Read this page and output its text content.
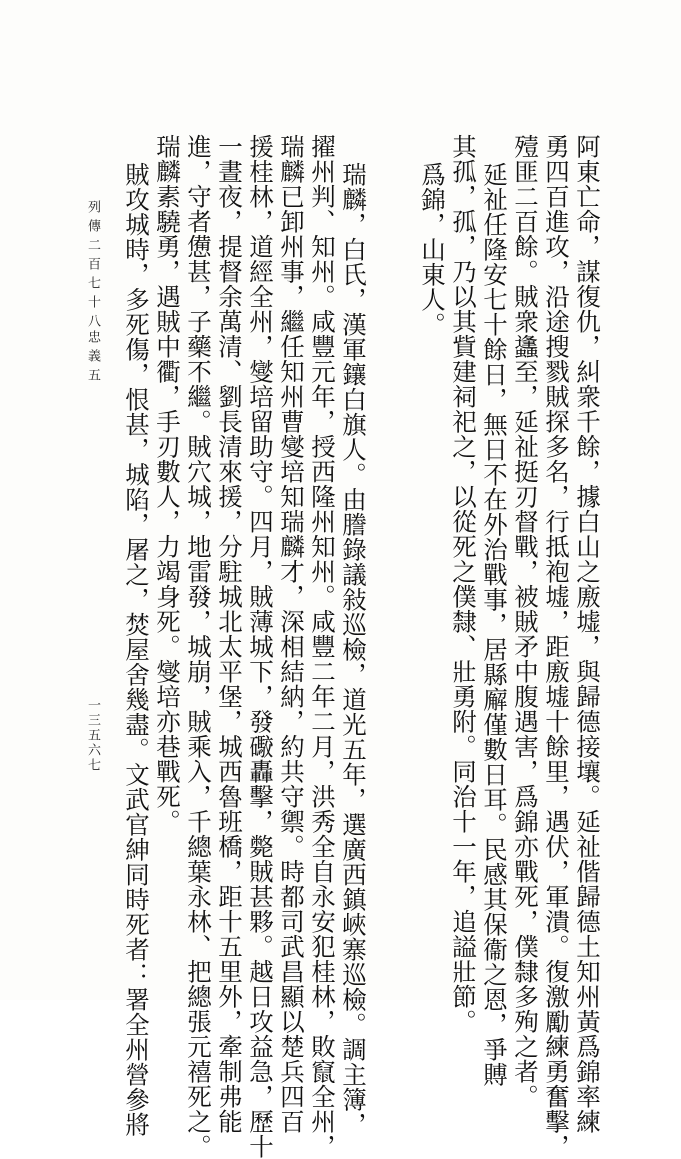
阿東亡命，謀復仇，糾衆千餘，據白山之廒墟，與歸德接壤。延祉偕歸德土知州黃爲錦率練
勇四百進攻，沿途搜戮賊探多名，行抵袍墟，距廒墟十餘里，遇伏，軍潰。復激勵練勇奮擊，
殪匪二百餘。賊衆蠭至，延祉挺刃督戰，被賊矛中腹遇害，爲錦亦戰死，僕隸多殉之者。
延祉任隆安七十餘日，無日不在外治戰事，居縣廨僅數日耳。民感其保衞之恩，爭賻
其孤，孤，乃以其貲建祠祀之，以從死之僕隸、壯勇附。同治十一年，追謚壯節。
爲錦，山東人。
瑞麟，白氏，漢軍鑲白旗人。由謄錄議敍巡檢，道光五年，選廣西鎮峽寨巡檢。調主簿，
擢州判、知州。咸豐元年，授西隆州知州。咸豐二年二月，洪秀全自永安犯桂林，敗竄全州，
瑞麟已卸州事，繼任知州曹燮培知瑞麟才，深相結納，約共守禦。時都司武昌顯以楚兵四百
援桂林，道經全州，燮培留助守。四月，賊薄城下，發礮轟擊，斃賊甚夥。越日攻益急，歷十
一晝夜，提督余萬清、劉長清來援，分駐城北太平堡，城西魯班橋，距十五里外，牽制弗能
進，守者憊甚，子藥不繼。賊穴城，地雷發，城崩，賊乘入，千總葉永林、把總張元禧死之。
瑞麟素驍勇，遇賊中衢，手刃數人，力竭身死。燮培亦巷戰死。
賊攻城時，多死傷，恨甚，城陷，屠之，焚屋舍幾盡。文武官紳同時死者：署全州營參將
列傳二百七十八
忠義五
一三五六七
